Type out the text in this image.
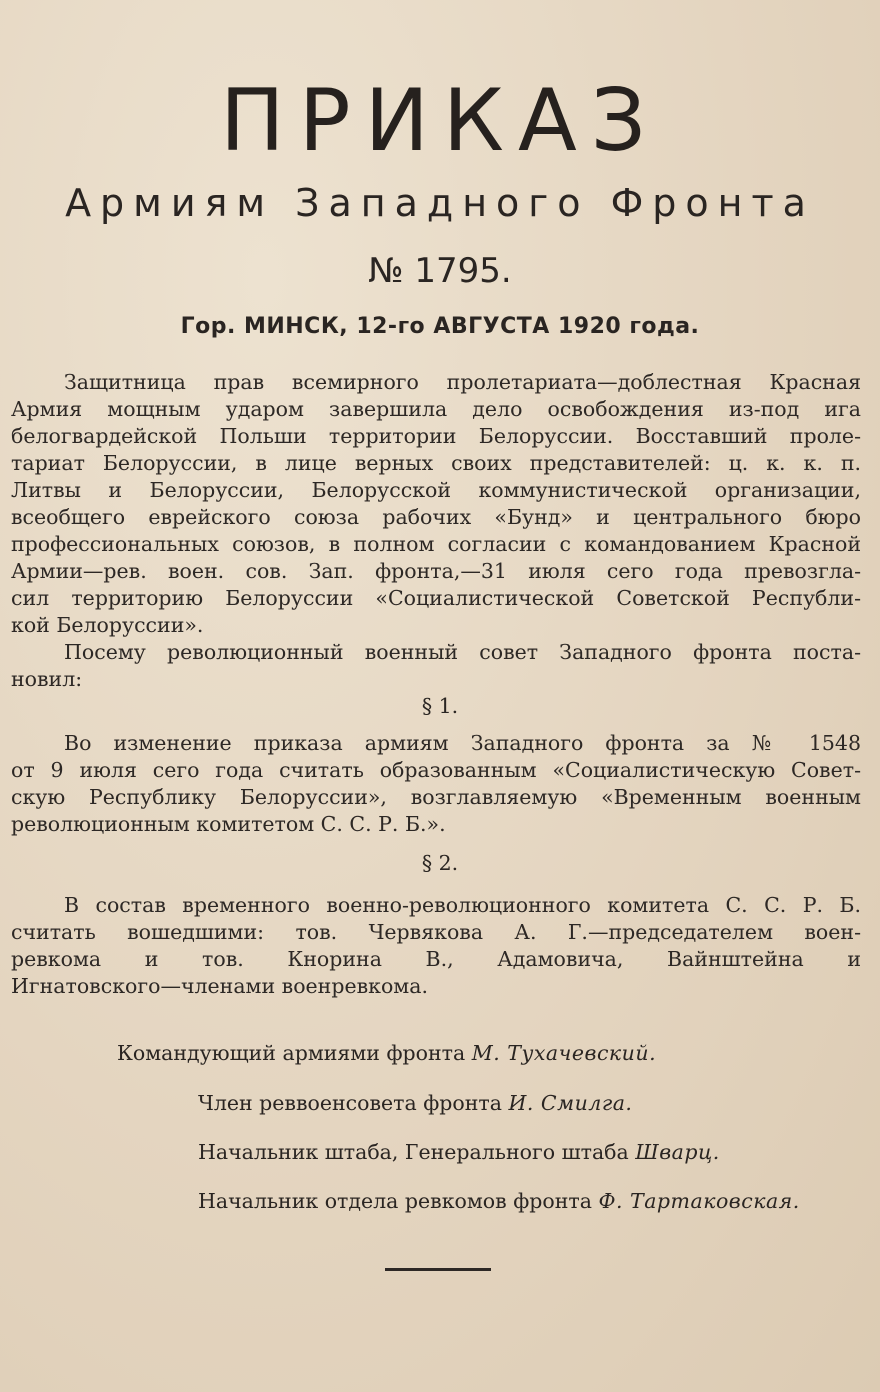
ПРИКАЗ
Армиям Западного Фронта
№ 1795.
Гор. МИНСК, 12-го АВГУСТА 1920 года.
Защитница прав всемирного пролетариата—доблестная Красная
Армия мощным ударом завершила дело освобождения из-под ига
белогвардейской Польши территории Белоруссии. Восставший проле-
тариат Белоруссии, в лице верных своих представителей: ц. к. к. п.
Литвы и Белоруссии, Белорусской коммунистической организации,
всеобщего еврейского союза рабочих «Бунд» и центрального бюро
профессиональных союзов, в полном согласии с командованием Красной
Армии—рев. воен. сов. Зап. фронта,—31 июля сего года превозгла-
сил территорию Белоруссии «Социалистической Советской Республи-
кой Белоруссии».
Посему революционный военный совет Западного фронта поста-
новил:
§ 1.
Во изменение приказа армиям Западного фронта за № 1548
от 9 июля сего года считать образованным «Социалистическую Совет-
скую Республику Белоруссии», возглавляемую «Временным военным
революционным комитетом С. С. Р. Б.».
§ 2.
В состав временного военно-революционного комитета С. С. Р. Б.
считать вошедшими: тов. Червякова А. Г.—председателем воен-
ревкома и тов. Кнорина В., Адамовича, Вайнштейна и
Игнатовского—членами военревкома.
Командующий армиями фронта М. Тухачевский.
Член реввоенсовета фронта И. Смилга.
Начальник штаба, Генерального штаба Шварц.
Начальник отдела ревкомов фронта Ф. Тартаковская.
